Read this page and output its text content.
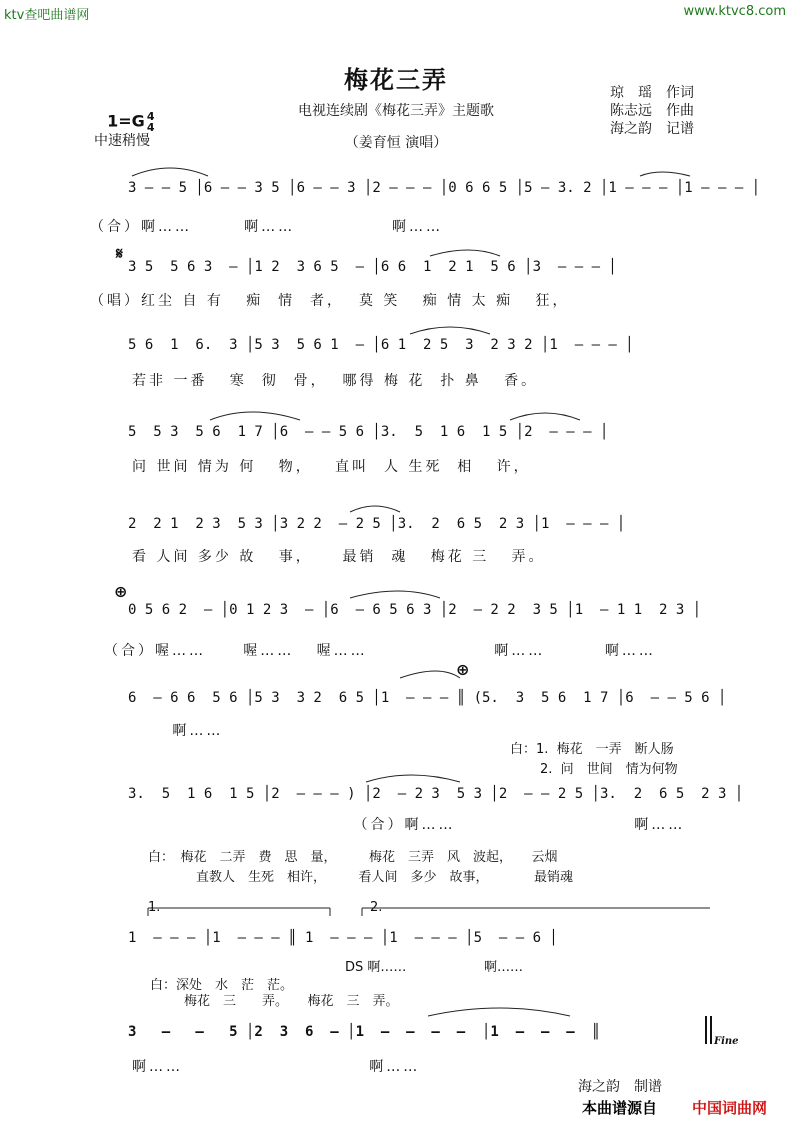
ktv查吧曲谱网	www.ktvc8.com
梅花三弄

1=G 4
4

电视连续剧《梅花三弄》主题歌
琼　瑶　作词
陈志远　作曲
海之韵　记谱
中速稍慢	（姜育恒 演唱）
𝄋
⊕
⊕
3 – – 5 │6 – – 3 5 │6 – – 3 │2 – – – │0 6 6 5 │5 – 3. 2 │1 – – – │1 – – – │
（合）啊……       啊……             啊……
3 5  5 6 3  – │1 2  3 6 5  – │6 6  1  2 1  5 6 │3  – – – │
（唱）红尘 自 有   痴  情  者，  莫 笑   痴 情 太 痴   狂，
5 6  1  6.  3 │5 3  5 6 1  – │6 1  2 5  3  2 3 2 │1  – – – │
若非 一番   寒  彻  骨，  哪得 梅 花  扑 鼻   香。
5  5 3  5 6  1 7 │6  – – 5 6 │3.  5  1 6  1 5 │2  – – – │
问 世间 情为 何   物，   直叫  人 生死  相   许，
2  2 1  2 3  5 3 │3 2 2  – 2 5 │3.  2  6 5  2 3 │1  – – – │
看 人间 多少 故   事，    最销  魂   梅花 三   弄。
0 5 6 2  – │0 1 2 3  – │6  – 6 5 6 3 │2  – 2 2  3 5 │1  – 1 1  2 3 │
（合）喔……     喔……   喔……                 啊……        啊……
6  – 6 6  5 6 │5 3  3 2  6 5 │1  – – – ║ (5.  3  5 6  1 7 │6  – – 5 6 │
啊……
白：1.  梅花　一弄　断人肠
2.  问　世间　情为何物
3.  5  1 6  1 5 │2  – – – ) │2  – 2 3  5 3 │2  – – 2 5 │3.  2  6 5  2 3 │
（合）啊……                        啊……
白：　梅花　二弄　费　思　量，　　　梅花　三弄　风　波起，　　云烟
直教人　生死　相许，　　　看人间　多少　故事，　　　　最销魂
1.	2.
1  – – – │1  – – – ║ 1  – – – │1  – – – │5  – – 6 │
DS 啊……	啊……
白：深处　水　茫　茫。
梅花　三　　弄。　　梅花　三　弄。
3   –   –   5 │2  3  6  – │1  –  –  –  –  │1  –  –  –  ║
Fine
啊……                         啊……
海之韵　制谱
本曲谱源自 中国词曲网
